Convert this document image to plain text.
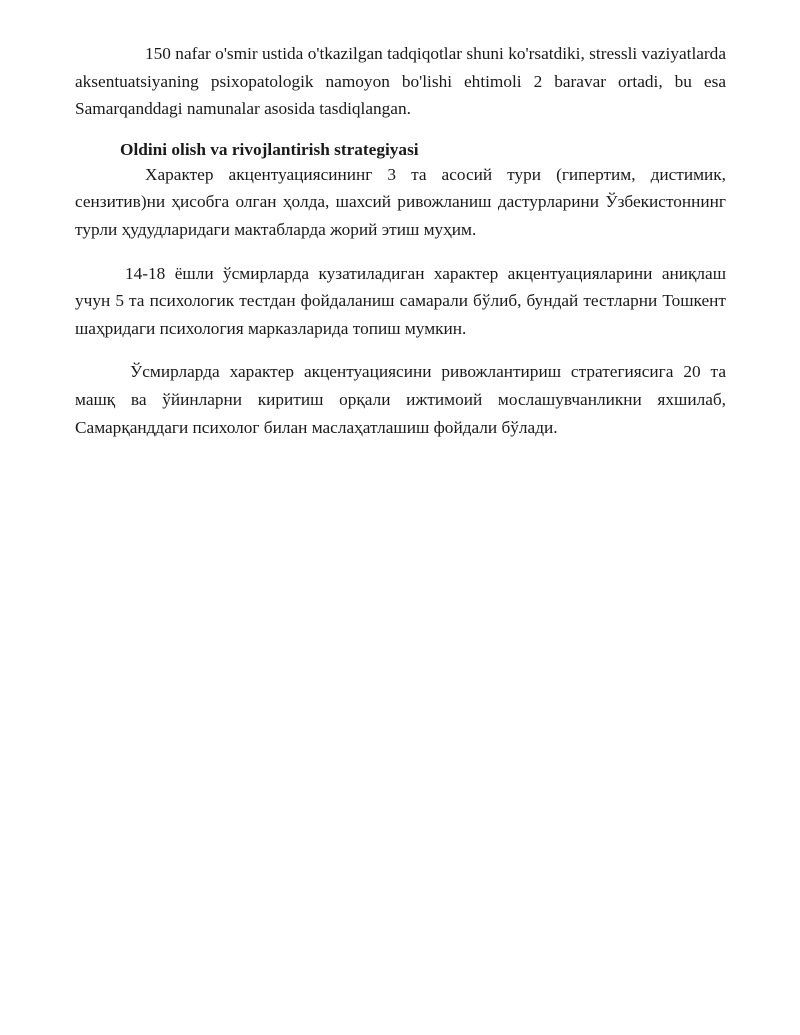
150 nafar o'smir ustida o'tkazilgan tadqiqotlar shuni ko'rsatdiki, stressli vaziyatlarda aksentuatsiyaning psixopatologik namoyon bo'lishi ehtimoli 2 baravar ortadi, bu esa Samarqanddagi namunalar asosida tasdiqlangan.

Oldini olish va rivojlantirish strategiyasi

Характер акцентуациясининг 3 та асосий тури (гипертим, дистимик, сензитив)ни ҳисобга олган ҳолда, шахсий ривожланиш дастурларини Ўзбекистоннинг турли ҳудудларидаги мактабларда жорий этиш муҳим.

14-18 ёшли ўсмирларда кузатиладиган характер акцентуацияларини аниқлаш учун 5 та психологик тестдан фойдаланиш самарали бўлиб, бундай тестларни Тошкент шаҳридаги психология марказларида топиш мумкин.

Ўсмирларда характер акцентуациясини ривожлантириш стратегиясига 20 та машқ ва ўйинларни киритиш орқали ижтимоий мослашувчанликни яхшилаб, Самарқанддаги психолог билан маслаҳатлашиш фойдали бўлади.
